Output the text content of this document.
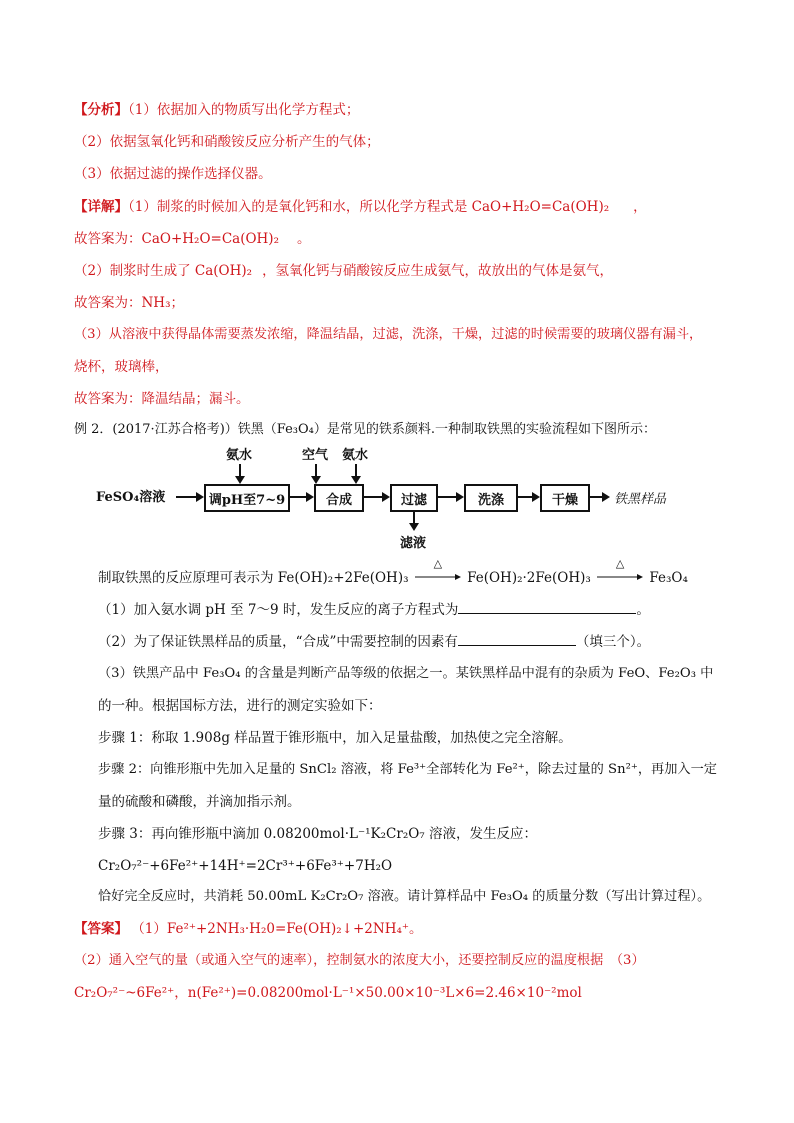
【分析】（1）依据加入的物质写出化学方程式；
（2）依据氢氧化钙和硝酸铵反应分析产生的气体；
（3）依据过滤的操作选择仪器。
【详解】（1）制浆的时候加入的是氧化钙和水，所以化学方程式是 CaO+H₂O=Ca(OH)₂ ，
故答案为：CaO+H₂O=Ca(OH)₂ 。
（2）制浆时生成了 Ca(OH)₂ ，氢氧化钙与硝酸铵反应生成氨气，故放出的气体是氨气，
故答案为：NH₃；
（3）从溶液中获得晶体需要蒸发浓缩，降温结晶，过滤，洗涤，干燥，过滤的时候需要的玻璃仪器有漏斗，
烧杯，玻璃棒，
故答案为：降温结晶；漏斗。
例 2．(2017·江苏合格考)）铁黑（Fe₃O₄）是常见的铁系颜料.一种制取铁黑的实验流程如下图所示：
FeSO₄溶液
氨水
调pH至7~9
空气 氨水
合成	过滤
滤液
洗涤	干燥	铁黑样品
制取铁黑的反应原理可表示为 Fe(OH)₂+2Fe(OH)₃
△
Fe(OH)₂·2Fe(OH)₃
△
Fe₃O₄
（1）加入氨水调 pH 至 7～9 时，发生反应的离子方程式为	。
（2）为了保证铁黑样品的质量，“合成”中需要控制的因素有	（填三个）。
（3）铁黑产品中 Fe₃O₄ 的含量是判断产品等级的依据之一。某铁黑样品中混有的杂质为 FeO、Fe₂O₃ 中
的一种。根据国标方法，进行的测定实验如下：
步骤 1：称取 1.908g 样品置于锥形瓶中，加入足量盐酸，加热使之完全溶解。
步骤 2：向锥形瓶中先加入足量的 SnCl₂ 溶液，将 Fe³⁺全部转化为 Fe²⁺，除去过量的 Sn²⁺，再加入一定
量的硫酸和磷酸，并滴加指示剂。
步骤 3：再向锥形瓶中滴加 0.08200mol·L⁻¹K₂Cr₂O₇ 溶液，发生反应：
Cr₂O₇²⁻+6Fe²⁺+14H⁺=2Cr³⁺+6Fe³⁺+7H₂O
恰好完全反应时，共消耗 50.00mL K₂Cr₂O₇ 溶液。请计算样品中 Fe₃O₄ 的质量分数（写出计算过程）。
【答案】 （1）Fe²⁺+2NH₃·H₂0=Fe(OH)₂↓+2NH₄⁺。
（2）通入空气的量（或通入空气的速率），控制氨水的浓度大小，还要控制反应的温度根据　（3）
Cr₂O₇²⁻~6Fe²⁺，n(Fe²⁺)=0.08200mol·L⁻¹×50.00×10⁻³L×6=2.46×10⁻²mol
